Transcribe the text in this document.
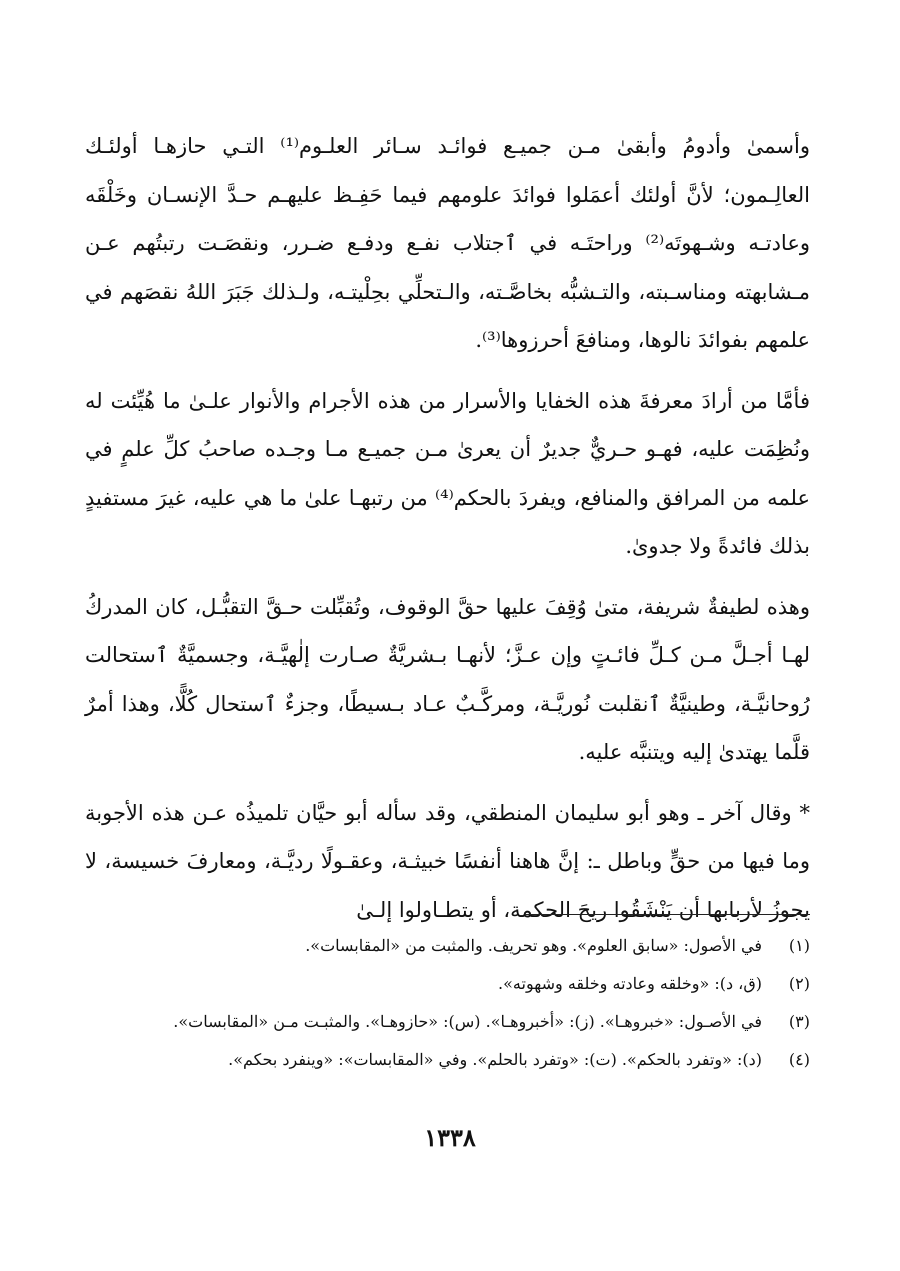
وأسمىٰ وأدومُ وأبقىٰ مـن جميـع فوائـد سـائر العلـوم⁽¹⁾ التـي حازهـا أولئـك العالِـمون؛ لأنَّ أولئك أعمَلوا فوائدَ علومهم فيما حَفِـظ عليهـم حـدَّ الإنسـان وخَلْقَه وعادتـه وشـهوتَه⁽²⁾ وراحتَـه في ٱجتلاب نفـع ودفـع ضـرر، ونقصَـت رتبتُهم عـن مـشابهته ومناسـبته، والتـشبُّه بخاصَّـته، والـتحلِّي بحِلْيتـه، ولـذلك جَبَرَ اللهُ نقصَهم في علمهم بفوائدَ نالوها، ومنافعَ أحرزوها⁽³⁾.

فأمَّا من أرادَ معرفةَ هذه الخفايا والأسرار من هذه الأجرام والأنوار علـىٰ ما هُيِّئت له ونُظِمَت عليه، فهـو حـريٌّ جديرٌ أن يعرىٰ مـن جميـع مـا وجـده صاحبُ كلِّ علمٍ في علمه من المرافق والمنافع، ويفردَ بالحكم⁽⁴⁾ من رتبهـا علىٰ ما هي عليه، غيرَ مستفيدٍ بذلك فائدةً ولا جدوىٰ.

وهذه لطيفةٌ شريفة، متىٰ وُقِفَ عليها حقَّ الوقوف، وتُقبِّلت حـقَّ التقبُّـل، كان المدركُ لهـا أجـلَّ مـن كـلِّ فائـتٍ وإن عـزَّ؛ لأنهـا بـشريَّةٌ صـارت إلٰهيَّـة، وجسميَّةٌ ٱستحالت رُوحانيَّـة، وطينيَّةٌ ٱنقلبت نُوريَّـة، ومركَّـبٌ عـاد بـسيطًا، وجزءٌ ٱستحال كُلًّا، وهذا أمرٌ قلَّما يهتدىٰ إليه ويتنبَّه عليه.

* وقال آخر ـ وهو أبو سليمان المنطقي، وقد سأله أبو حيَّان تلميذُه عـن هذه الأجوبة وما فيها من حقٍّ وباطل ـ: إنَّ هاهنا أنفسًا خبيثـة، وعقـولًا رديَّـة، ومعارفَ خسيسة، لا يجوزُ لأربابها أن يَنْشَقُوا ريحَ الحكمة، أو يتطـاولوا إلـىٰ

(١)
في الأصول: «سابق العلوم». وهو تحريف. والمثبت من «المقابسات».
(٢)
(ق، د): «وخلقه وعادته وخلقه وشهوته».
(٣)
في الأصـول: «خبروهـا». (ز): «أخبروهـا». (س): «حازوهـا». والمثبـت مـن «المقابسات».
(٤)
(د): «وتفرد بالحكم». (ت): «وتفرد بالحلم». وفي «المقابسات»: «وينفرد بحكم».
١٣٣٨
